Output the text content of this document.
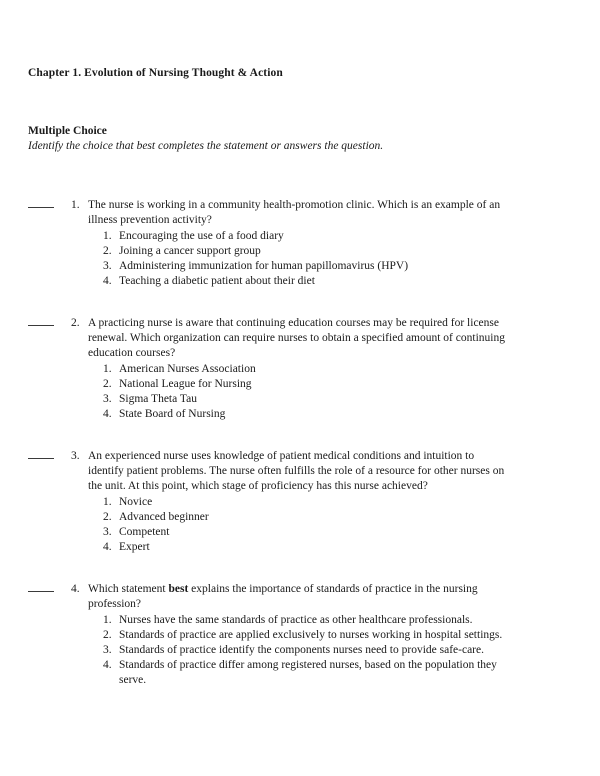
Chapter 1. Evolution of Nursing Thought & Action
Multiple Choice
Identify the choice that best completes the statement or answers the question.
1. The nurse is working in a community health-promotion clinic. Which is an example of an illness prevention activity?

1. Encouraging the use of a food diary
2. Joining a cancer support group
3. Administering immunization for human papillomavirus (HPV)
4. Teaching a diabetic patient about their diet
2. A practicing nurse is aware that continuing education courses may be required for license renewal. Which organization can require nurses to obtain a specified amount of continuing education courses?

1. American Nurses Association
2. National League for Nursing
3. Sigma Theta Tau
4. State Board of Nursing
3. An experienced nurse uses knowledge of patient medical conditions and intuition to identify patient problems. The nurse often fulfills the role of a resource for other nurses on the unit. At this point, which stage of proficiency has this nurse achieved?

1. Novice
2. Advanced beginner
3. Competent
4. Expert
4. Which statement best explains the importance of standards of practice in the nursing profession?

1. Nurses have the same standards of practice as other healthcare professionals.
2. Standards of practice are applied exclusively to nurses working in hospital settings.
3. Standards of practice identify the components nurses need to provide safe-care.
4. Standards of practice differ among registered nurses, based on the population they serve.
